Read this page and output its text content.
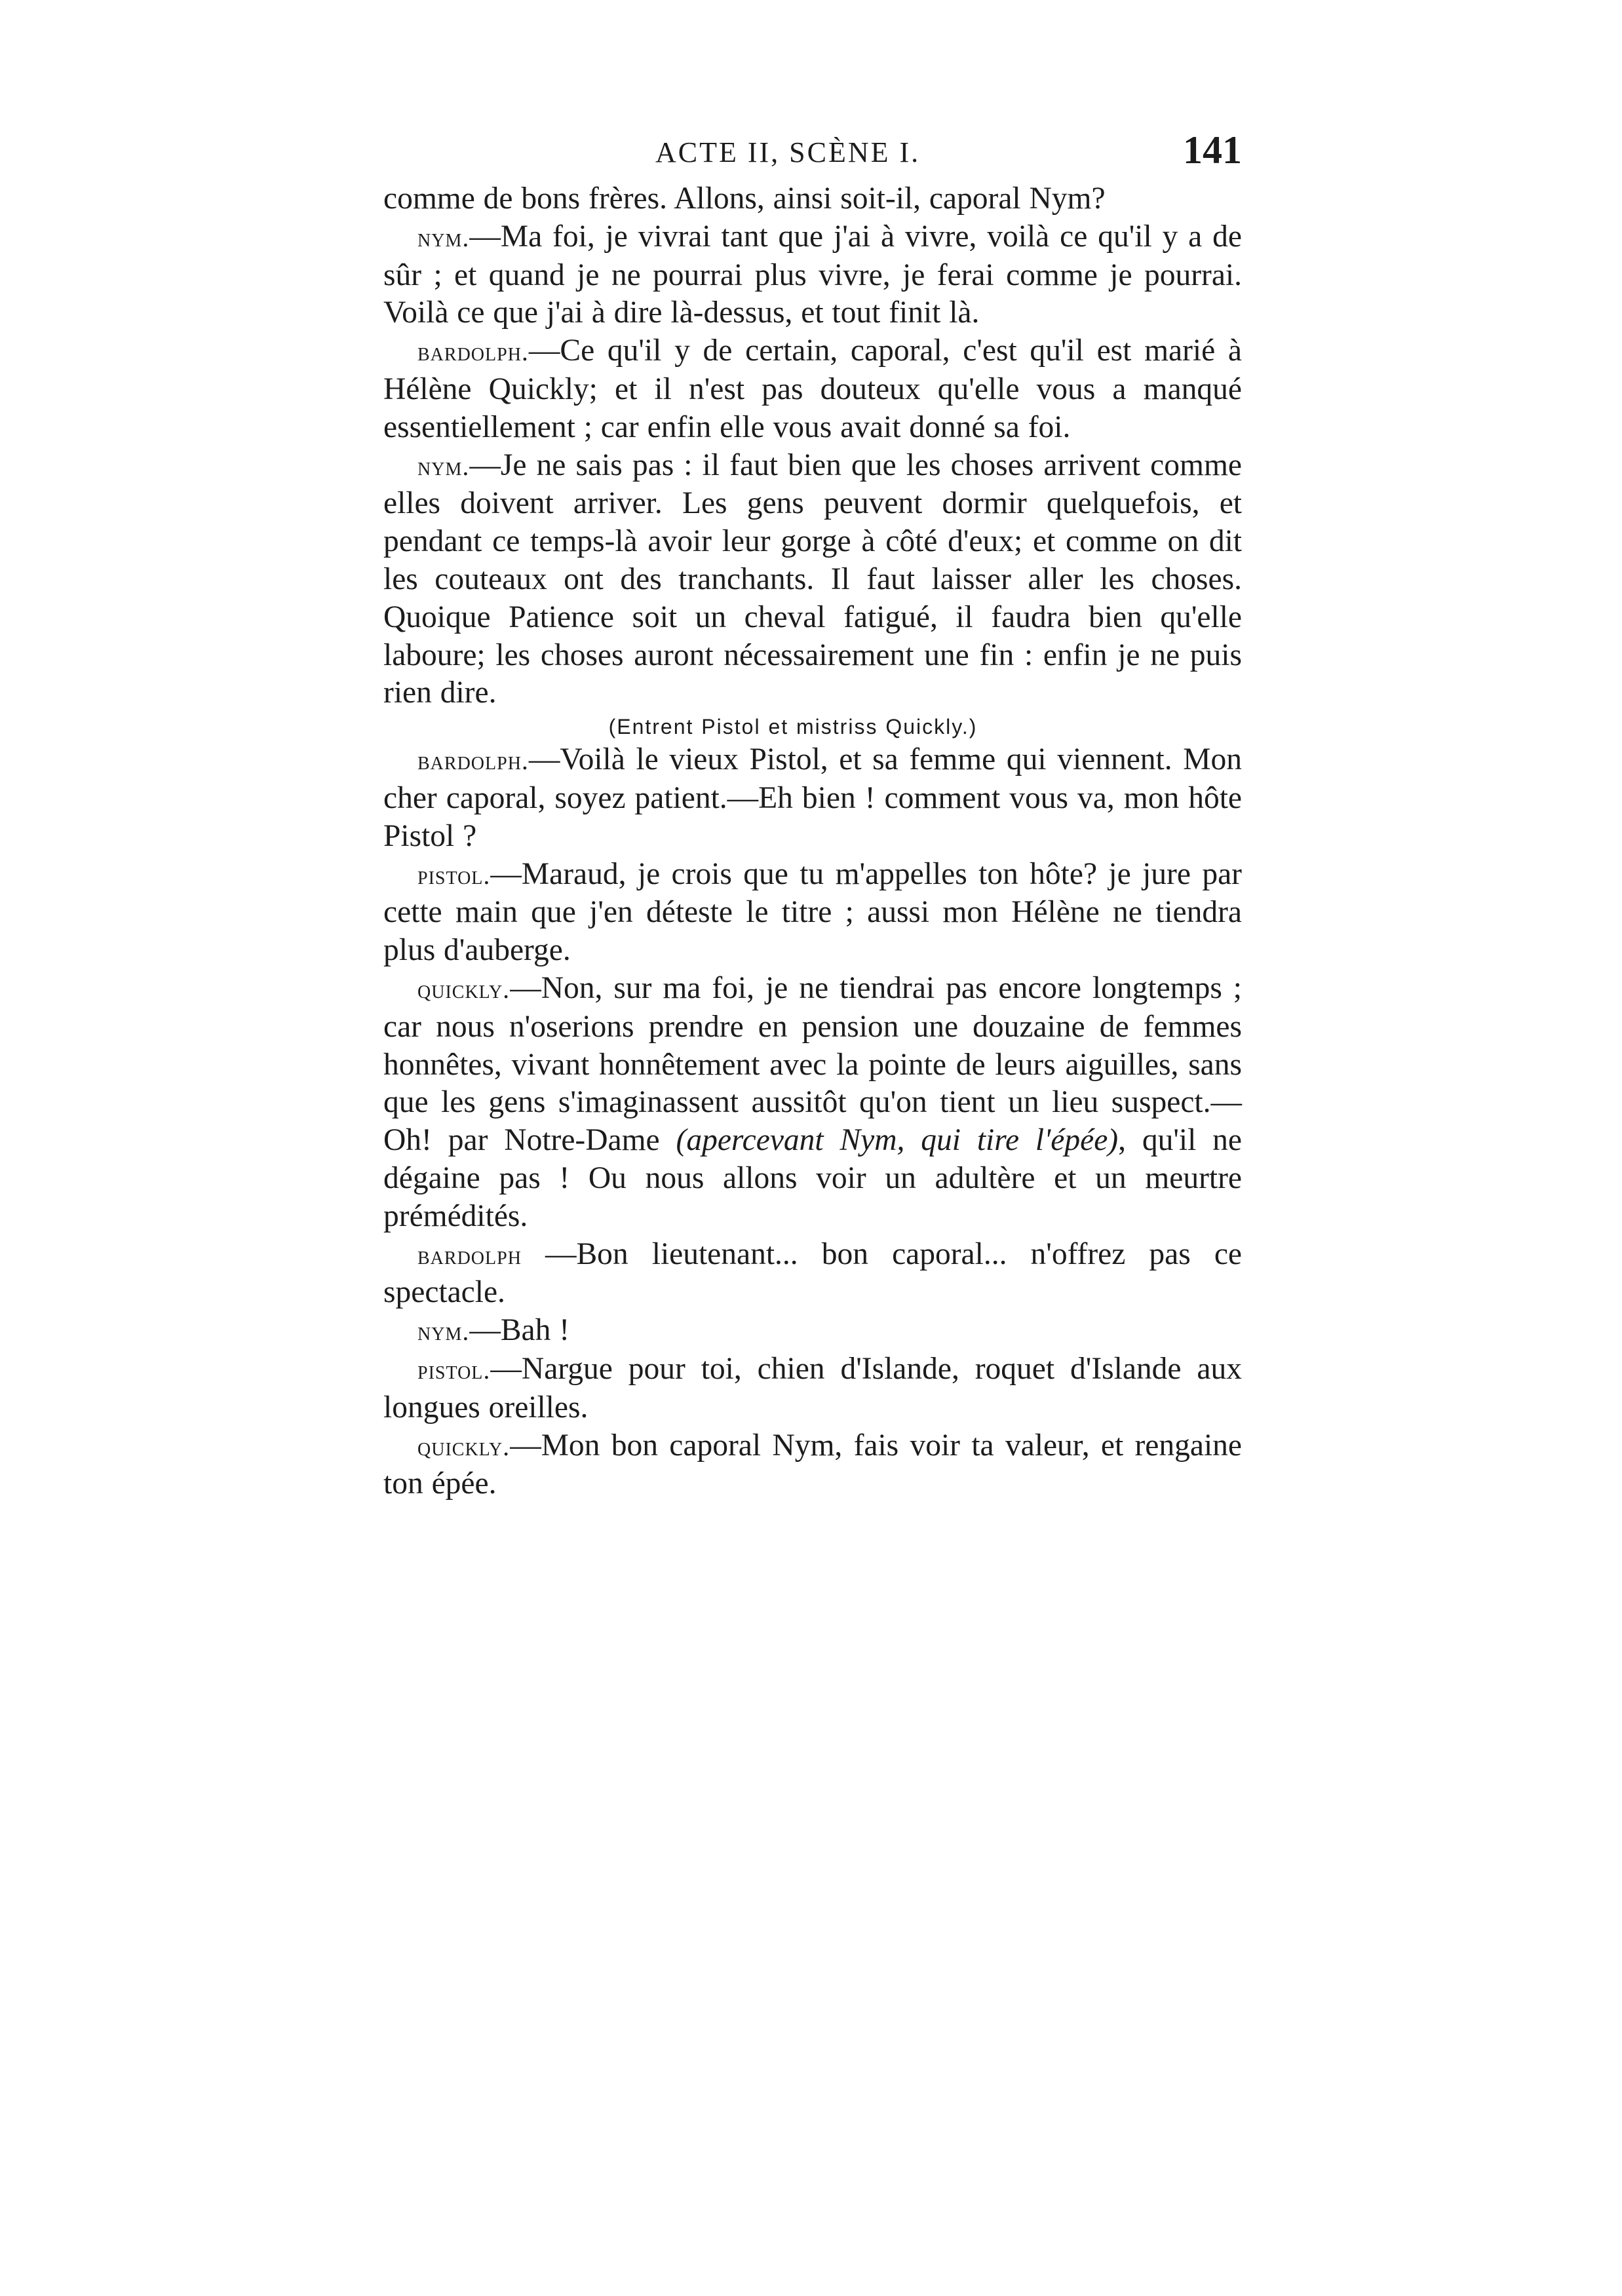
ACTE II, SCÈNE I.	141

comme de bons frères. Allons, ainsi soit-il, caporal Nym?

nym.—Ma foi, je vivrai tant que j'ai à vivre, voilà ce qu'il y a de sûr ; et quand je ne pourrai plus vivre, je ferai comme je pourrai. Voilà ce que j'ai à dire là-dessus, et tout finit là.

bardolph.—Ce qu'il y de certain, caporal, c'est qu'il est marié à Hélène Quickly; et il n'est pas douteux qu'elle vous a manqué essentiellement ; car enfin elle vous avait donné sa foi.

nym.—Je ne sais pas : il faut bien que les choses arrivent comme elles doivent arriver. Les gens peuvent dormir quelquefois, et pendant ce temps-là avoir leur gorge à côté d'eux; et comme on dit les couteaux ont des tranchants. Il faut laisser aller les choses. Quoique Patience soit un cheval fatigué, il faudra bien qu'elle laboure; les choses auront nécessairement une fin : enfin je ne puis rien dire.

(Entrent Pistol et mistriss Quickly.)

bardolph.—Voilà le vieux Pistol, et sa femme qui viennent. Mon cher caporal, soyez patient.—Eh bien ! comment vous va, mon hôte Pistol ?

pistol.—Maraud, je crois que tu m'appelles ton hôte? je jure par cette main que j'en déteste le titre ; aussi mon Hélène ne tiendra plus d'auberge.

quickly.—Non, sur ma foi, je ne tiendrai pas encore longtemps ; car nous n'oserions prendre en pension une douzaine de femmes honnêtes, vivant honnêtement avec la pointe de leurs aiguilles, sans que les gens s'imaginassent aussitôt qu'on tient un lieu suspect.—Oh! par Notre-Dame (apercevant Nym, qui tire l'épée), qu'il ne dégaine pas ! Ou nous allons voir un adultère et un meurtre prémédités.

bardolph —Bon lieutenant... bon caporal... n'offrez pas ce spectacle.

nym.—Bah !

pistol.—Nargue pour toi, chien d'Islande, roquet d'Islande aux longues oreilles.

quickly.—Mon bon caporal Nym, fais voir ta valeur, et rengaine ton épée.
